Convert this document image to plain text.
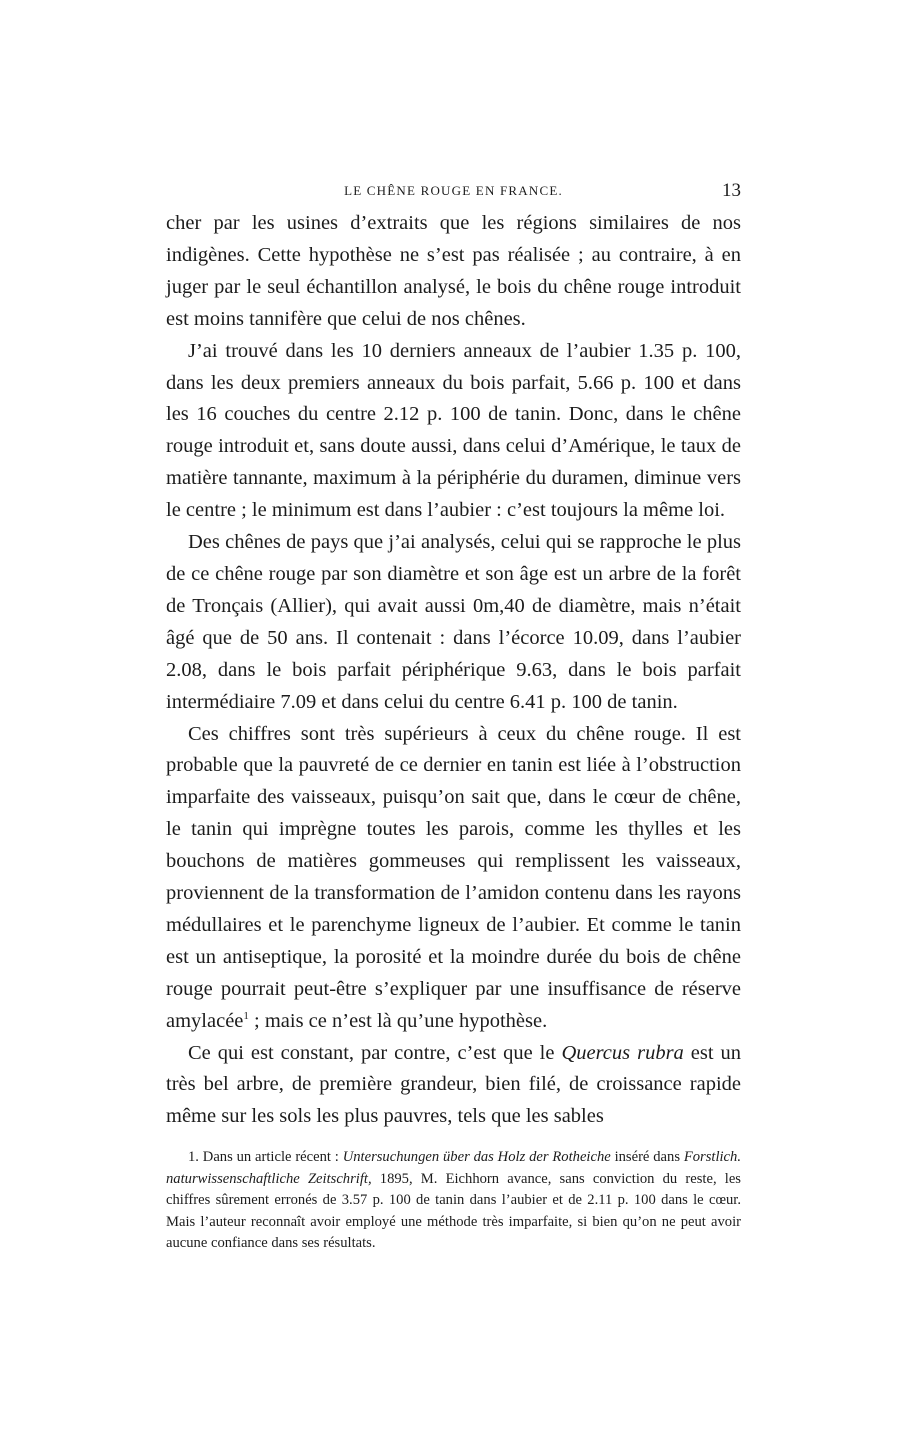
LE CHÊNE ROUGE EN FRANCE.	13

cher par les usines d’extraits que les régions similaires de nos indigènes. Cette hypothèse ne s’est pas réalisée ; au contraire, à en juger par le seul échantillon analysé, le bois du chêne rouge introduit est moins tannifère que celui de nos chênes.

J’ai trouvé dans les 10 derniers anneaux de l’aubier 1.35 p. 100, dans les deux premiers anneaux du bois parfait, 5.66 p. 100 et dans les 16 couches du centre 2.12 p. 100 de tanin. Donc, dans le chêne rouge introduit et, sans doute aussi, dans celui d’Amérique, le taux de matière tannante, maximum à la périphérie du duramen, diminue vers le centre ; le minimum est dans l’aubier : c’est toujours la même loi.

Des chênes de pays que j’ai analysés, celui qui se rapproche le plus de ce chêne rouge par son diamètre et son âge est un arbre de la forêt de Tronçais (Allier), qui avait aussi 0m,40 de diamètre, mais n’était âgé que de 50 ans. Il contenait : dans l’écorce 10.09, dans l’aubier 2.08, dans le bois parfait périphérique 9.63, dans le bois parfait intermédiaire 7.09 et dans celui du centre 6.41 p. 100 de tanin.

Ces chiffres sont très supérieurs à ceux du chêne rouge. Il est probable que la pauvreté de ce dernier en tanin est liée à l’obstruction imparfaite des vaisseaux, puisqu’on sait que, dans le cœur de chêne, le tanin qui imprègne toutes les parois, comme les thylles et les bouchons de matières gommeuses qui remplissent les vaisseaux, proviennent de la transformation de l’amidon contenu dans les rayons médullaires et le parenchyme ligneux de l’aubier. Et comme le tanin est un antiseptique, la porosité et la moindre durée du bois de chêne rouge pourrait peut-être s’expliquer par une insuffisance de réserve amylacée$^1$ ; mais ce n’est là qu’une hypothèse.

Ce qui est constant, par contre, c’est que le Quercus rubra est un très bel arbre, de première grandeur, bien filé, de croissance rapide même sur les sols les plus pauvres, tels que les sables

1. Dans un article récent : Untersuchungen über das Holz der Rotheiche inséré dans Forstlich. naturwissenschaftliche Zeitschrift, 1895, M. Eichhorn avance, sans conviction du reste, les chiffres sûrement erronés de 3.57 p. 100 de tanin dans l’aubier et de 2.11 p. 100 dans le cœur. Mais l’auteur reconnaît avoir employé une méthode très imparfaite, si bien qu’on ne peut avoir aucune confiance dans ses résultats.
